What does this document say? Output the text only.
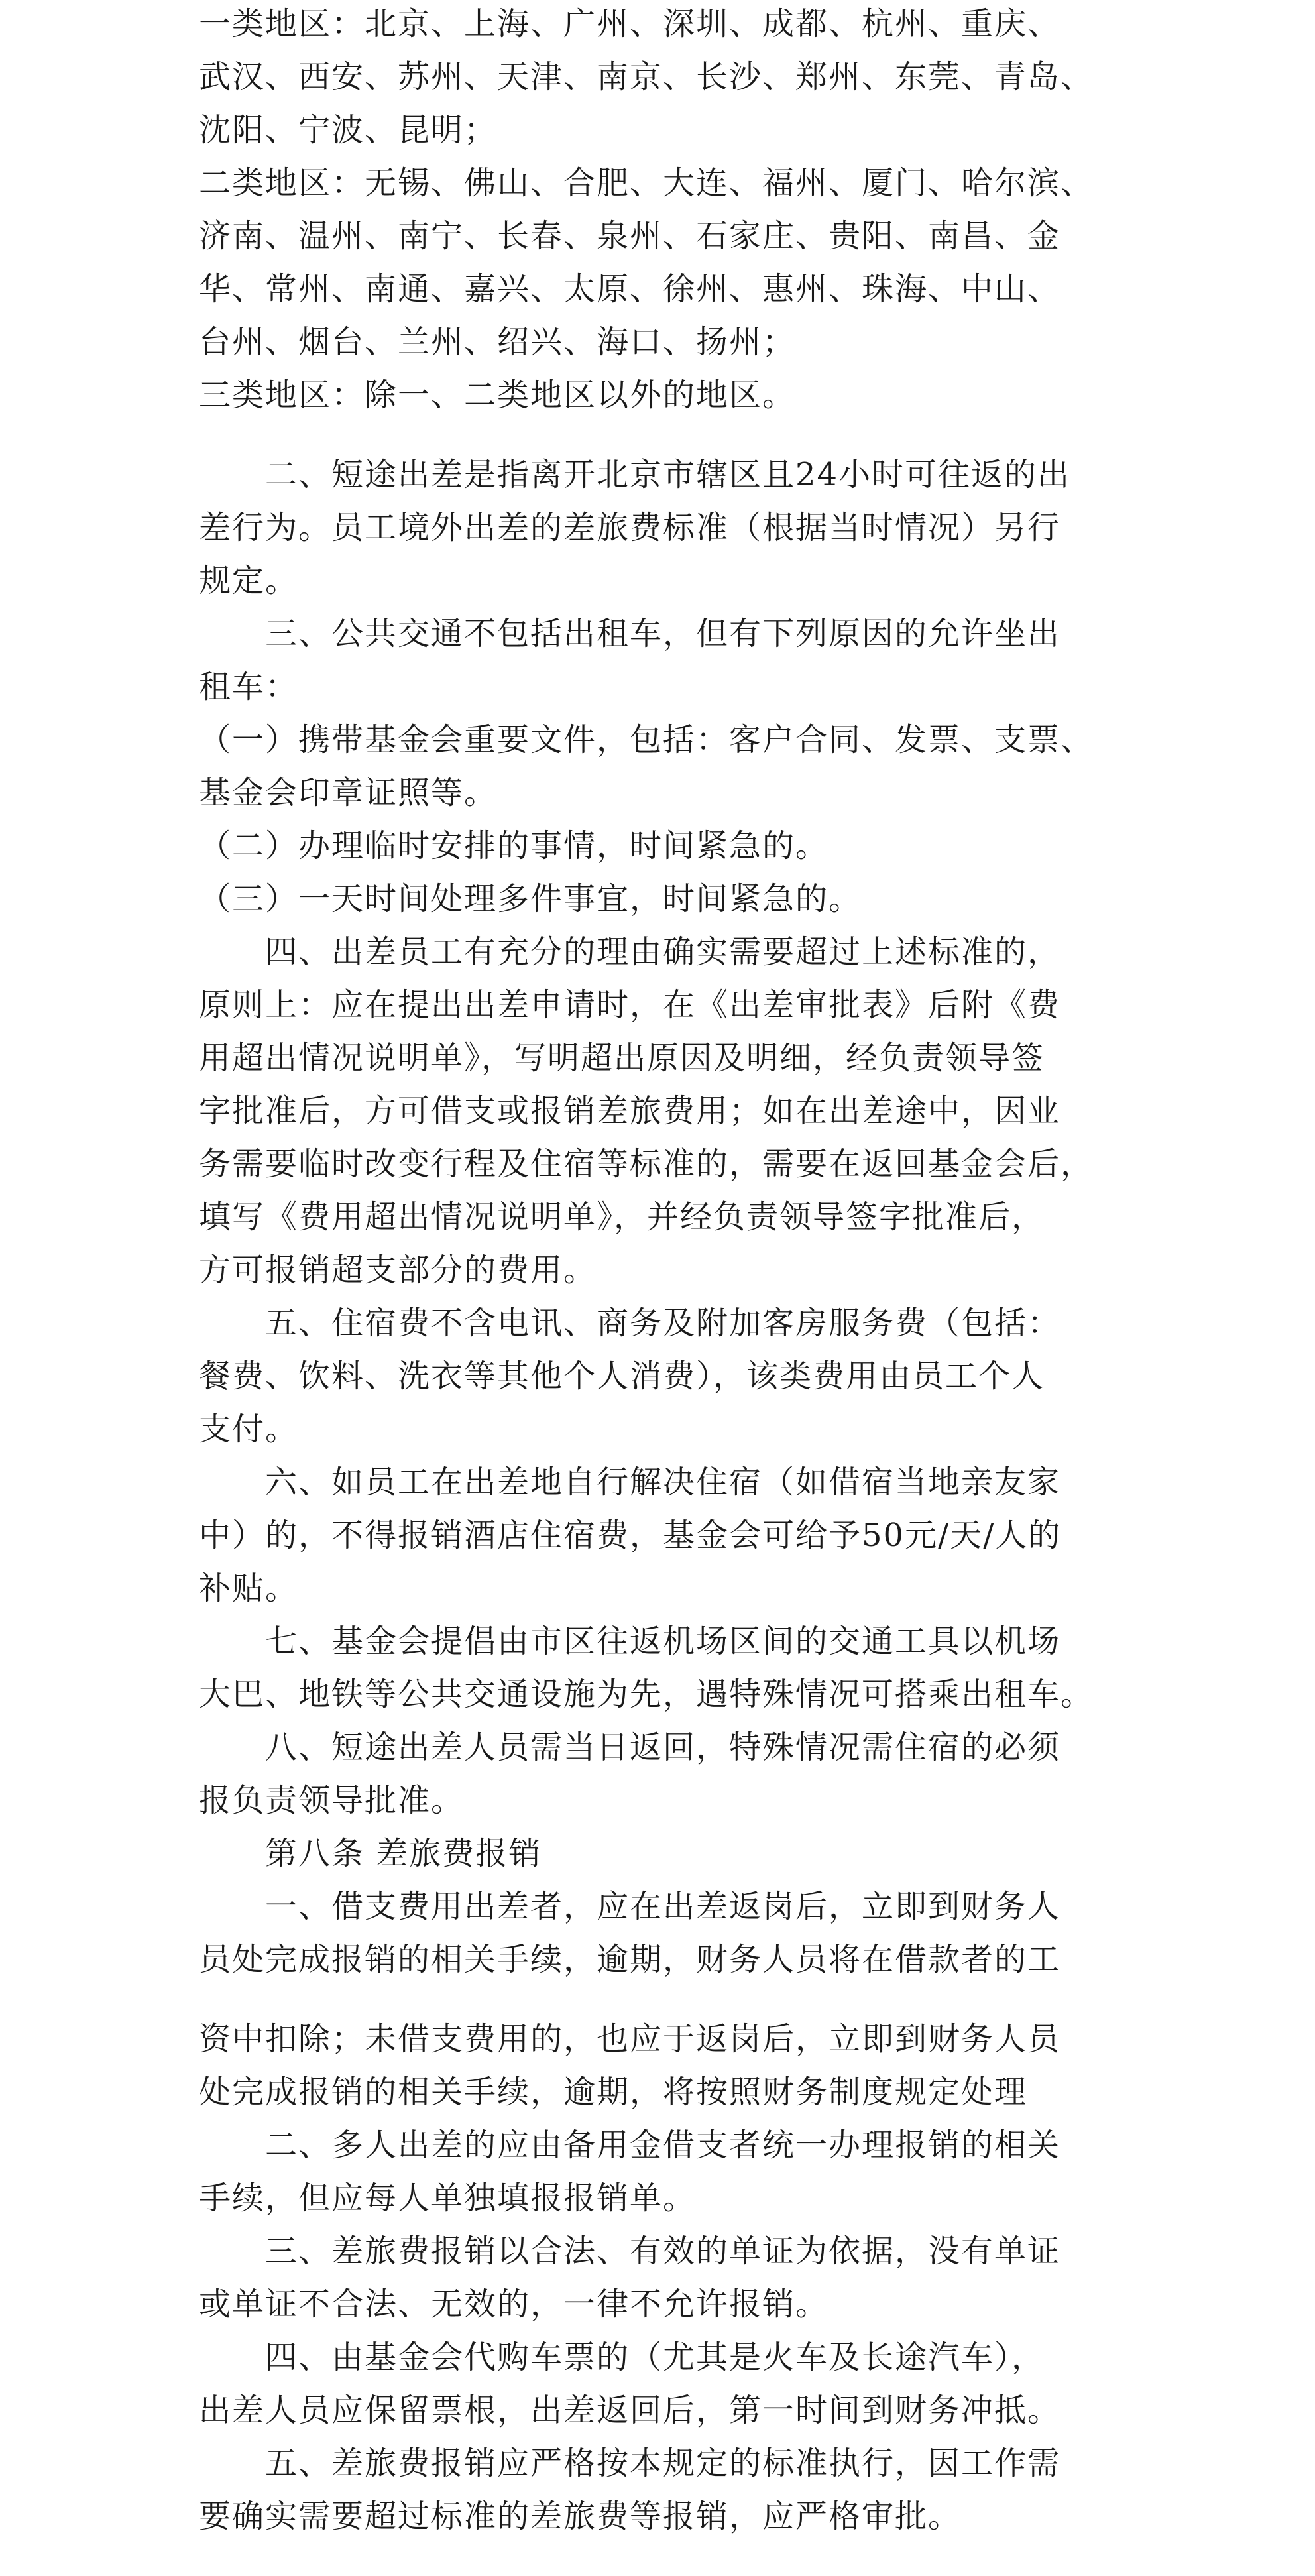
一类地区：北京、上海、广州、深圳、成都、杭州、重庆、
武汉、西安、苏州、天津、南京、长沙、郑州、东莞、青岛、
沈阳、宁波、昆明；
二类地区：无锡、佛山、合肥、大连、福州、厦门、哈尔滨、
济南、温州、南宁、长春、泉州、石家庄、贵阳、南昌、金
华、常州、南通、嘉兴、太原、徐州、惠州、珠海、中山、
台州、烟台、兰州、绍兴、海口、扬州；
三类地区：除一、二类地区以外的地区。
二、短途出差是指离开北京市辖区且24小时可往返的出
差行为。员工境外出差的差旅费标准（根据当时情况）另行
规定。
三、公共交通不包括出租车，但有下列原因的允许坐出
租车：
（一）携带基金会重要文件，包括：客户合同、发票、支票、
基金会印章证照等。
（二）办理临时安排的事情，时间紧急的。
（三）一天时间处理多件事宜，时间紧急的。
四、出差员工有充分的理由确实需要超过上述标准的，
原则上：应在提出出差申请时，在《出差审批表》后附《费
用超出情况说明单》，写明超出原因及明细，经负责领导签
字批准后，方可借支或报销差旅费用；如在出差途中，因业
务需要临时改变行程及住宿等标准的，需要在返回基金会后，
填写《费用超出情况说明单》，并经负责领导签字批准后，
方可报销超支部分的费用。
五、住宿费不含电讯、商务及附加客房服务费（包括：
餐费、饮料、洗衣等其他个人消费），该类费用由员工个人
支付。
六、如员工在出差地自行解决住宿（如借宿当地亲友家
中）的，不得报销酒店住宿费，基金会可给予50元/天/人的
补贴。
七、基金会提倡由市区往返机场区间的交通工具以机场
大巴、地铁等公共交通设施为先，遇特殊情况可搭乘出租车。
八、短途出差人员需当日返回，特殊情况需住宿的必须
报负责领导批准。
第八条 差旅费报销
一、借支费用出差者，应在出差返岗后，立即到财务人
员处完成报销的相关手续，逾期，财务人员将在借款者的工
资中扣除；未借支费用的，也应于返岗后，立即到财务人员
处完成报销的相关手续，逾期，将按照财务制度规定处理
二、多人出差的应由备用金借支者统一办理报销的相关
手续，但应每人单独填报报销单。
三、差旅费报销以合法、有效的单证为依据，没有单证
或单证不合法、无效的，一律不允许报销。
四、由基金会代购车票的（尤其是火车及长途汽车），
出差人员应保留票根，出差返回后，第一时间到财务冲抵。
五、差旅费报销应严格按本规定的标准执行，因工作需
要确实需要超过标准的差旅费等报销，应严格审批。
